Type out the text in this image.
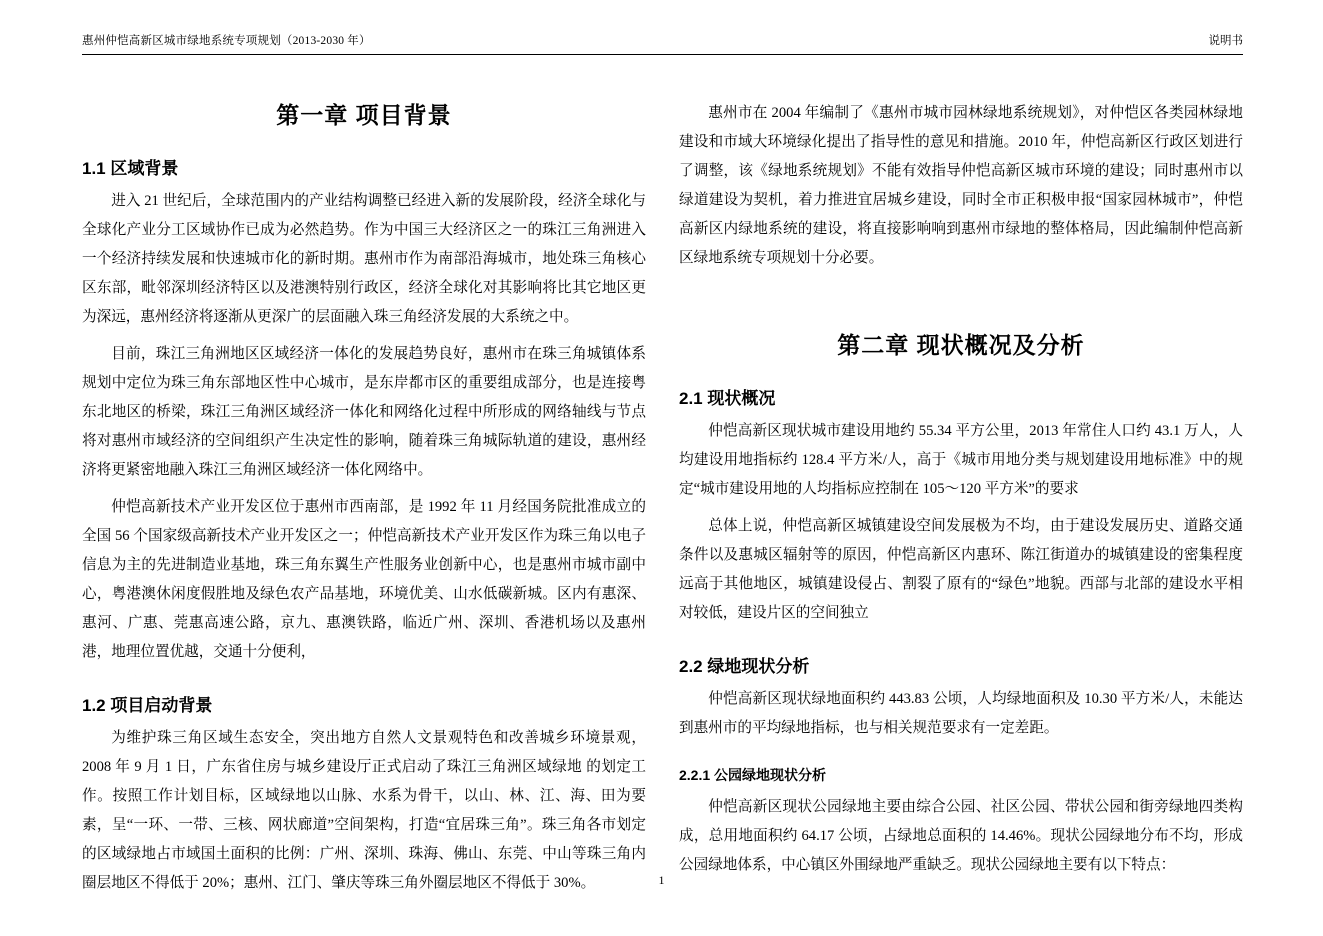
惠州仲恺高新区城市绿地系统专项规划（2013-2030 年）	说明书
第一章 项目背景
1.1 区域背景

进入 21 世纪后，全球范围内的产业结构调整已经进入新的发展阶段，经济全球化与全球化产业分工区域协作已成为必然趋势。作为中国三大经济区之一的珠江三角洲进入一个经济持续发展和快速城市化的新时期。惠州市作为南部沿海城市，地处珠三角核心区东部，毗邻深圳经济特区以及港澳特别行政区，经济全球化对其影响将比其它地区更为深远，惠州经济将逐渐从更深广的层面融入珠三角经济发展的大系统之中。

目前，珠江三角洲地区区域经济一体化的发展趋势良好，惠州市在珠三角城镇体系规划中定位为珠三角东部地区性中心城市，是东岸都市区的重要组成部分，也是连接粤东北地区的桥梁，珠江三角洲区域经济一体化和网络化过程中所形成的网络轴线与节点将对惠州市域经济的空间组织产生决定性的影响，随着珠三角城际轨道的建设，惠州经济将更紧密地融入珠江三角洲区域经济一体化网络中。

仲恺高新技术产业开发区位于惠州市西南部，是 1992 年 11 月经国务院批准成立的全国 56 个国家级高新技术产业开发区之一；仲恺高新技术产业开发区作为珠三角以电子信息为主的先进制造业基地，珠三角东翼生产性服务业创新中心，也是惠州市城市副中心，粤港澳休闲度假胜地及绿色农产品基地，环境优美、山水低碳新城。区内有惠深、惠河、广惠、莞惠高速公路，京九、惠澳铁路，临近广州、深圳、香港机场以及惠州港，地理位置优越，交通十分便利，

1.2 项目启动背景

为维护珠三角区域生态安全，突出地方自然人文景观特色和改善城乡环境景观，2008 年 9 月 1 日，广东省住房与城乡建设厅正式启动了珠江三角洲区域绿地 的划定工作。按照工作计划目标，区域绿地以山脉、水系为骨干，以山、林、江、海、田为要素，呈“一环、一带、三核、网状廊道”空间架构，打造“宜居珠三角”。珠三角各市划定的区域绿地占市域国土面积的比例：广州、深圳、珠海、佛山、东莞、中山等珠三角内圈层地区不得低于 20%；惠州、江门、肇庆等珠三角外圈层地区不得低于 30%。

惠州市在 2004 年编制了《惠州市城市园林绿地系统规划》，对仲恺区各类园林绿地建设和市域大环境绿化提出了指导性的意见和措施。2010 年，仲恺高新区行政区划进行了调整，该《绿地系统规划》不能有效指导仲恺高新区城市环境的建设；同时惠州市以绿道建设为契机，着力推进宜居城乡建设，同时全市正积极申报“国家园林城市”，仲恺高新区内绿地系统的建设，将直接影响响到惠州市绿地的整体格局，因此编制仲恺高新区绿地系统专项规划十分必要。

第二章 现状概况及分析
2.1 现状概况

仲恺高新区现状城市建设用地约 55.34 平方公里，2013 年常住人口约 43.1 万人，人均建设用地指标约 128.4 平方米/人，高于《城市用地分类与规划建设用地标准》中的规定“城市建设用地的人均指标应控制在 105～120 平方米”的要求

总体上说，仲恺高新区城镇建设空间发展极为不均，由于建设发展历史、道路交通条件以及惠城区辐射等的原因，仲恺高新区内惠环、陈江街道办的城镇建设的密集程度远高于其他地区，城镇建设侵占、割裂了原有的“绿色”地貌。西部与北部的建设水平相对较低，建设片区的空间独立

2.2 绿地现状分析

仲恺高新区现状绿地面积约 443.83 公顷，人均绿地面积及 10.30 平方米/人，未能达到惠州市的平均绿地指标，也与相关规范要求有一定差距。

2.2.1 公园绿地现状分析

仲恺高新区现状公园绿地主要由综合公园、社区公园、带状公园和街旁绿地四类构成，总用地面积约 64.17 公顷，占绿地总面积的 14.46%。现状公园绿地分布不均，形成公园绿地体系，中心镇区外围绿地严重缺乏。现状公园绿地主要有以下特点：

1
